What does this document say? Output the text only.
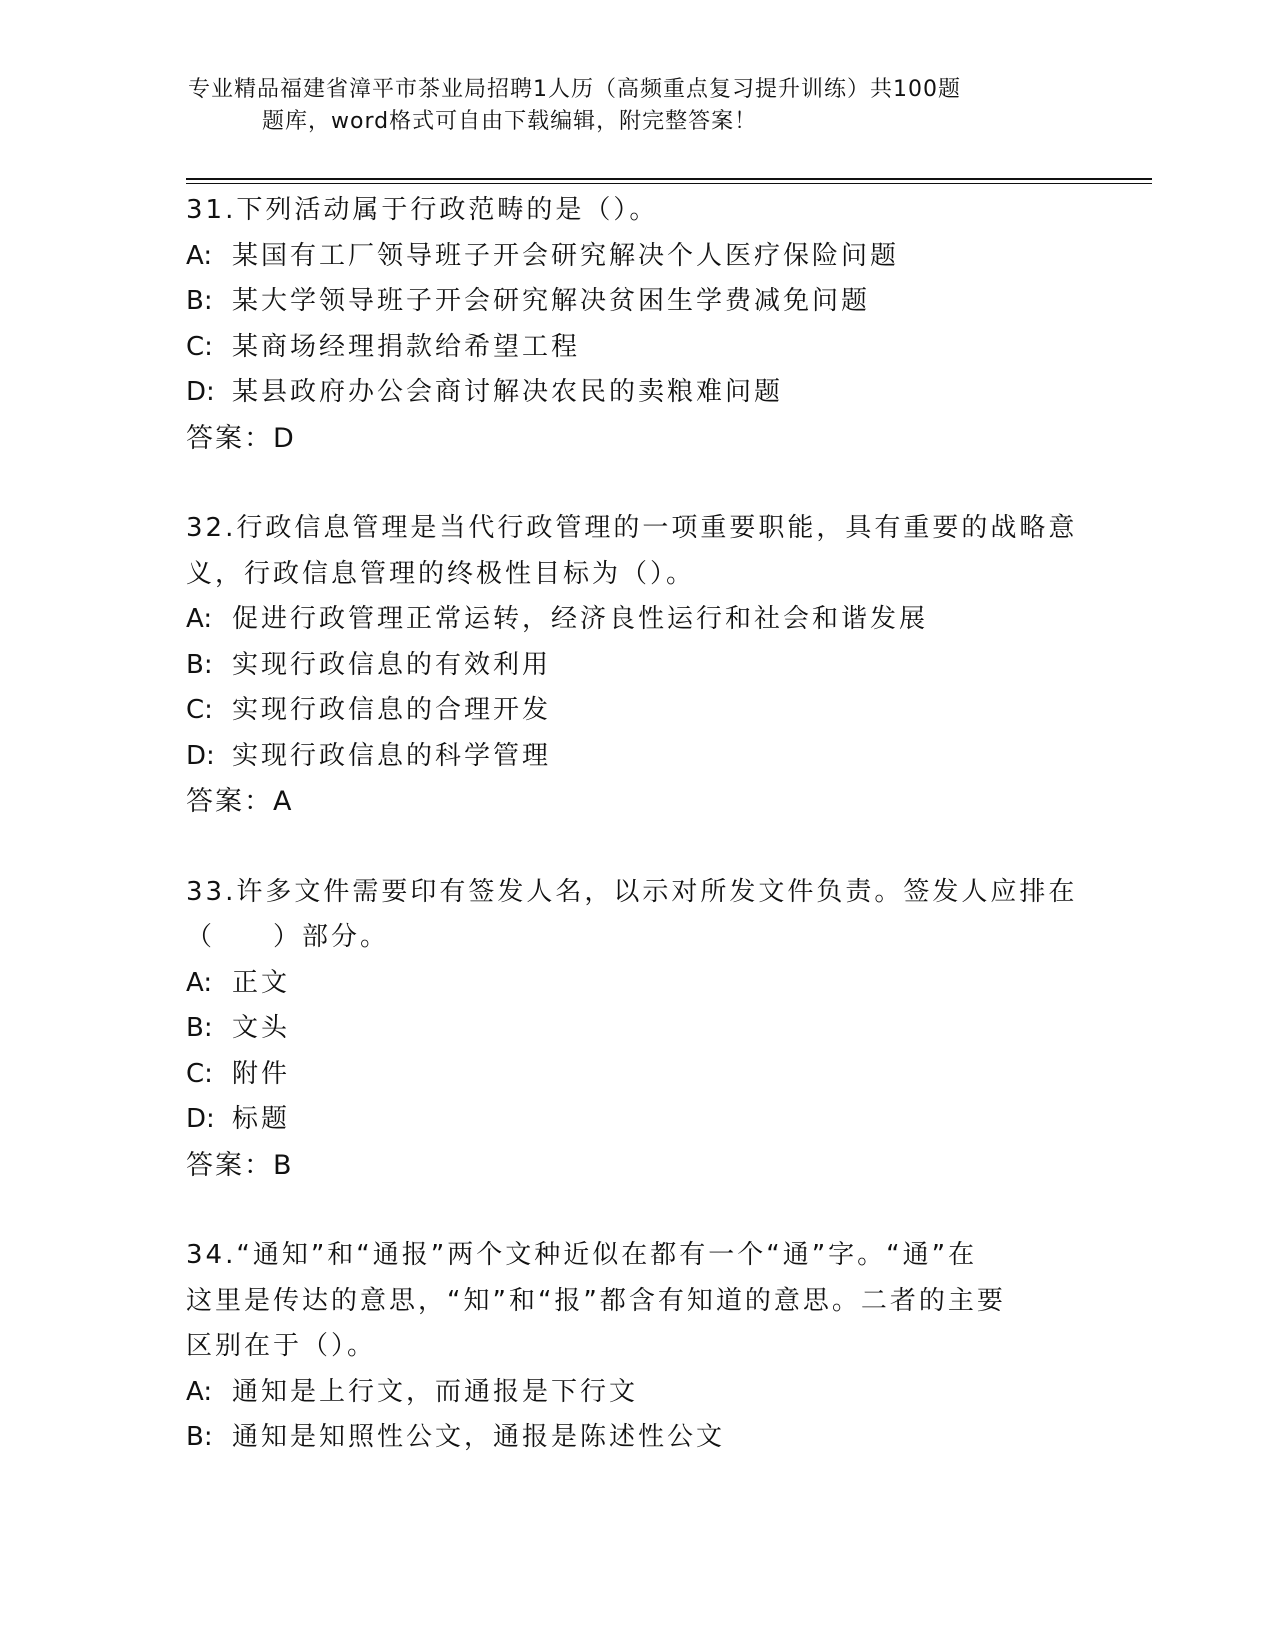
专业精品福建省漳平市茶业局招聘1人历（高频重点复习提升训练）共100题
题库，word格式可自由下载编辑，附完整答案！
31.下列活动属于行政范畴的是（）。
A: 某国有工厂领导班子开会研究解决个人医疗保险问题
B: 某大学领导班子开会研究解决贫困生学费减免问题
C: 某商场经理捐款给希望工程
D: 某县政府办公会商讨解决农民的卖粮难问题
答案：D
32.行政信息管理是当代行政管理的一项重要职能，具有重要的战略意
义，行政信息管理的终极性目标为（）。
A: 促进行政管理正常运转，经济良性运行和社会和谐发展
B: 实现行政信息的有效利用
C: 实现行政信息的合理开发
D: 实现行政信息的科学管理
答案：A
33.许多文件需要印有签发人名，以示对所发文件负责。签发人应排在
（　　）部分。
A: 正文
B: 文头
C: 附件
D: 标题
答案：B
34.“通知”和“通报”两个文种近似在都有一个“通”字。“通”在
这里是传达的意思，“知”和“报”都含有知道的意思。二者的主要
区别在于（）。
A: 通知是上行文，而通报是下行文
B: 通知是知照性公文，通报是陈述性公文
